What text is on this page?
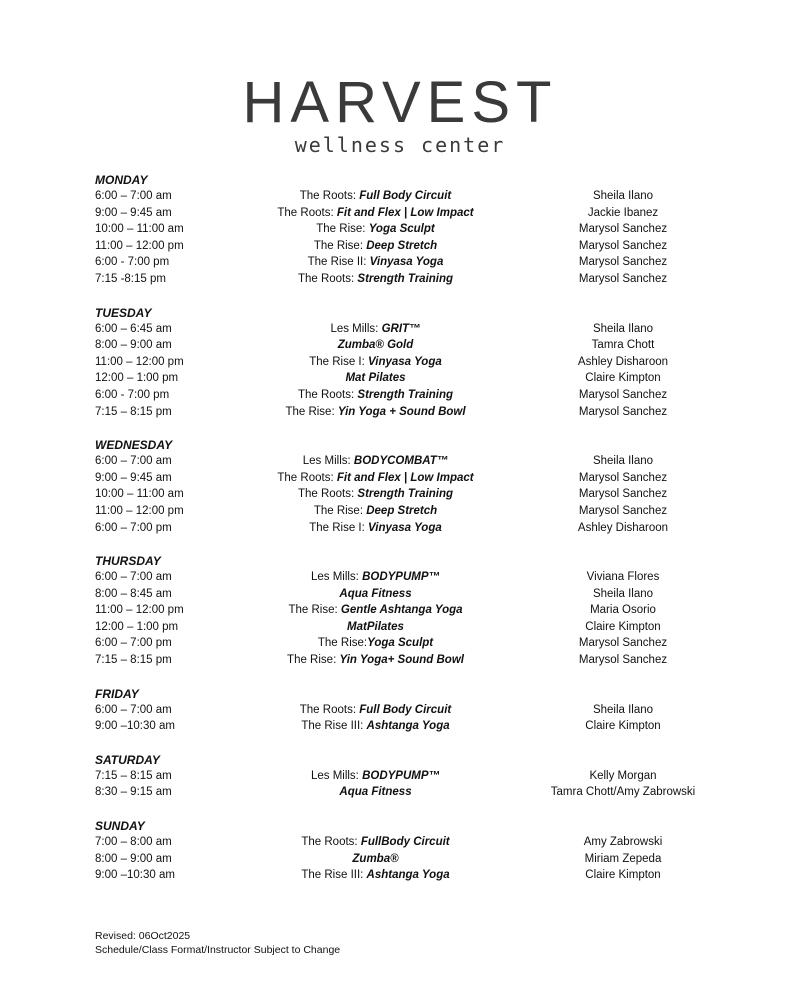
HARVEST
wellness center
MONDAY
6:00 – 7:00 am	The Roots: Full Body Circuit	Sheila Ilano
9:00 – 9:45 am	The Roots: Fit and Flex | Low Impact	Jackie Ibanez
10:00 – 11:00 am	The Rise: Yoga Sculpt	Marysol Sanchez
11:00 – 12:00 pm	The Rise: Deep Stretch	Marysol Sanchez
6:00 - 7:00 pm	The Rise II: Vinyasa Yoga	Marysol Sanchez
7:15 -8:15 pm	The Roots: Strength Training	Marysol Sanchez
TUESDAY
6:00 – 6:45 am	Les Mills: GRIT™	Sheila Ilano
8:00 – 9:00 am	Zumba® Gold	Tamra Chott
11:00 – 12:00 pm	The Rise I: Vinyasa Yoga	Ashley Disharoon
12:00 – 1:00 pm	Mat Pilates	Claire Kimpton
6:00 - 7:00 pm	The Roots: Strength Training	Marysol Sanchez
7:15 – 8:15 pm	The Rise: Yin Yoga + Sound Bowl	Marysol Sanchez
WEDNESDAY
6:00 – 7:00 am	Les Mills: BODYCOMBAT™	Sheila Ilano
9:00 – 9:45 am	The Roots: Fit and Flex | Low Impact	Marysol Sanchez
10:00 – 11:00 am	The Roots: Strength Training	Marysol Sanchez
11:00 – 12:00 pm	The Rise: Deep Stretch	Marysol Sanchez
6:00 – 7:00 pm	The Rise I: Vinyasa Yoga	Ashley Disharoon
THURSDAY
6:00 – 7:00 am	Les Mills: BODYPUMP™	Viviana Flores
8:00 – 8:45 am	Aqua Fitness	Sheila Ilano
11:00 – 12:00 pm	The Rise: Gentle Ashtanga Yoga	Maria Osorio
12:00 – 1:00 pm	MatPilates	Claire Kimpton
6:00 – 7:00 pm	The Rise:Yoga Sculpt	Marysol Sanchez
7:15 – 8:15 pm	The Rise: Yin Yoga+ Sound Bowl	Marysol Sanchez
FRIDAY
6:00 – 7:00 am	The Roots: Full Body Circuit	Sheila Ilano
9:00 –10:30 am	The Rise III: Ashtanga Yoga	Claire Kimpton
SATURDAY
7:15 – 8:15 am	Les Mills: BODYPUMP™	Kelly Morgan
8:30 – 9:15 am	Aqua Fitness	Tamra Chott/Amy Zabrowski
SUNDAY
7:00 – 8:00 am	The Roots: FullBody Circuit	Amy Zabrowski
8:00 – 9:00 am	Zumba®	Miriam Zepeda
9:00 –10:30 am	The Rise III: Ashtanga Yoga	Claire Kimpton
Revised: 06Oct2025
Schedule/Class Format/Instructor Subject to Change
